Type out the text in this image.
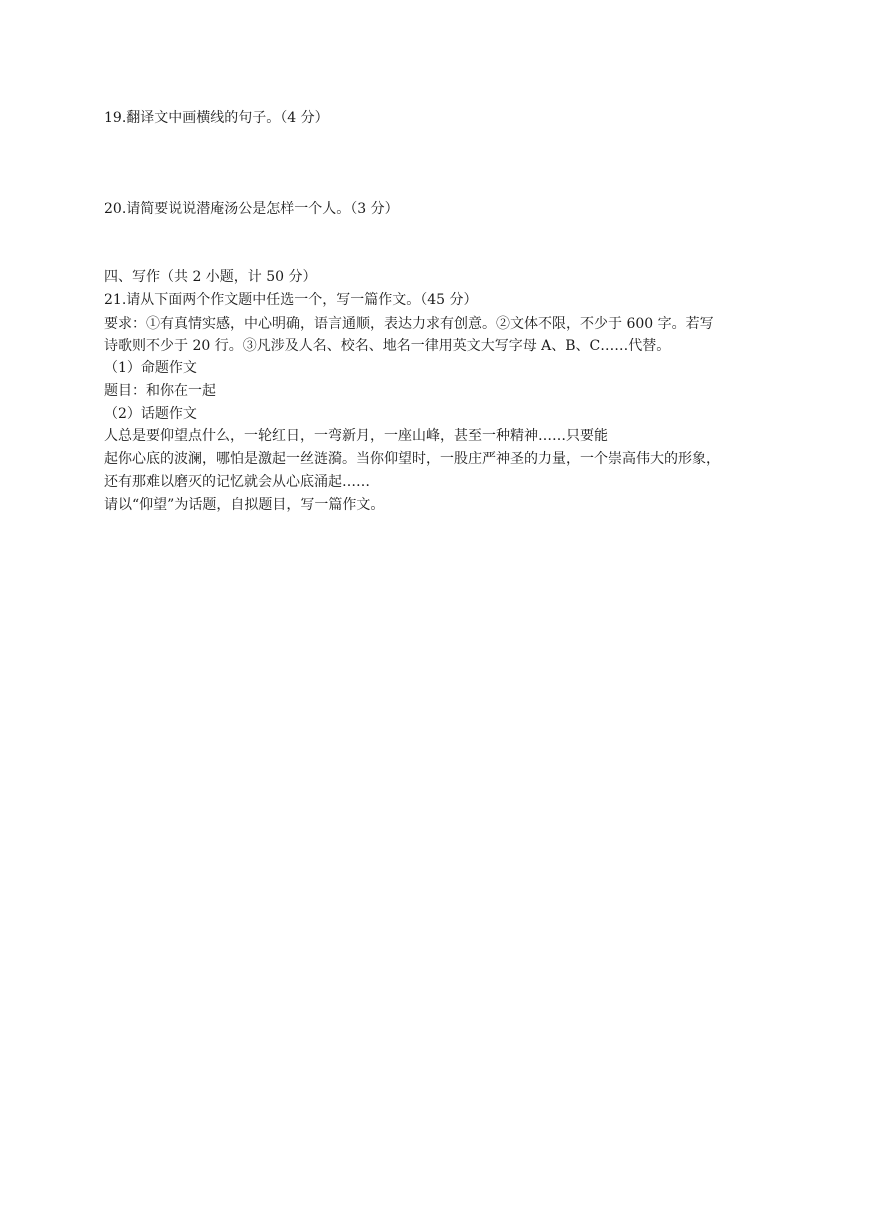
19.翻译文中画横线的句子。（4 分）
20.请简要说说潜庵汤公是怎样一个人。（3 分）
四、写作（共 2 小题，计 50 分）
21.请从下面两个作文题中任选一个，写一篇作文。（45 分）
要求：①有真情实感，中心明确，语言通顺，表达力求有创意。②文体不限，不少于 600 字。若写
诗歌则不少于 20 行。③凡涉及人名、校名、地名一律用英文大写字母 A、B、C……代替。
（1）命题作文
题目：和你在一起
（2）话题作文
人总是要仰望点什么，一轮红日，一弯新月，一座山峰，甚至一种精神……只要能
起你心底的波澜，哪怕是激起一丝涟漪。当你仰望时，一股庄严神圣的力量，一个崇高伟大的形象，
还有那难以磨灭的记忆就会从心底涌起……
请以“仰望”为话题，自拟题目，写一篇作文。
